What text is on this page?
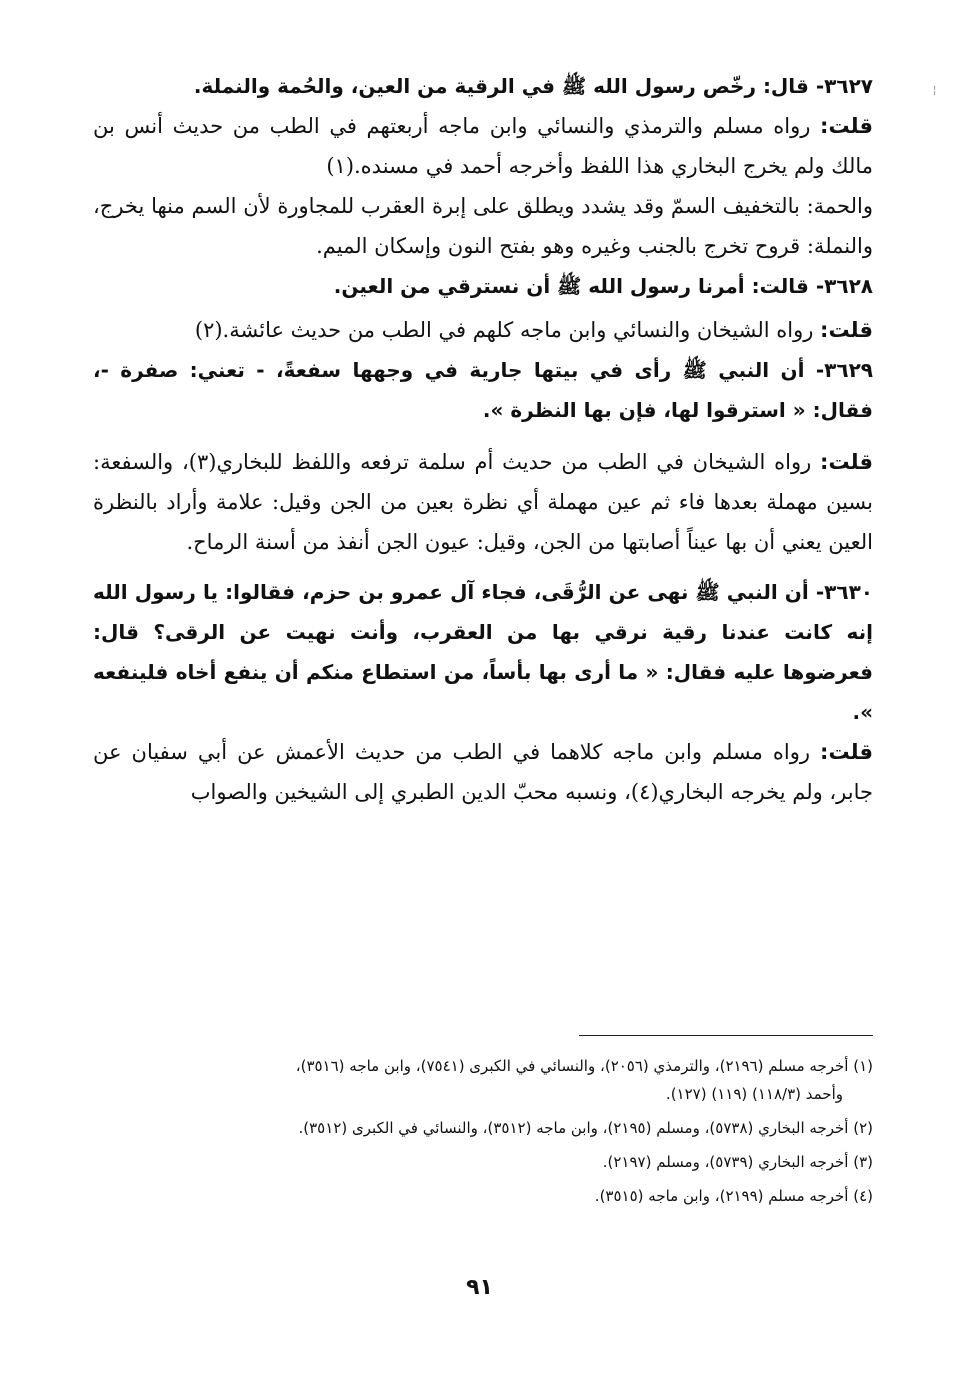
¦

٣٦٢٧- قال: رخّص رسول الله ﷺ في الرقية من العين، والحُمة والنملة.

قلت: رواه مسلم والترمذي والنسائي وابن ماجه أربعتهم في الطب من حديث أنس بن مالك ولم يخرج البخاري هذا اللفظ وأخرجه أحمد في مسنده.(١)

والحمة: بالتخفيف السمّ وقد يشدد ويطلق على إبرة العقرب للمجاورة لأن السم منها يخرج، والنملة: قروح تخرج بالجنب وغيره وهو بفتح النون وإسكان الميم.

٣٦٢٨- قالت: أمرنا رسول الله ﷺ أن نسترقي من العين.

قلت: رواه الشيخان والنسائي وابن ماجه كلهم في الطب من حديث عائشة.(٢)

٣٦٢٩- أن النبي ﷺ رأى في بيتها جارية في وجهها سفعةً، - تعني: صفرة -، فقال: « استرقوا لها، فإن بها النظرة ».

قلت: رواه الشيخان في الطب من حديث أم سلمة ترفعه واللفظ للبخاري(٣)، والسفعة: بسين مهملة بعدها فاء ثم عين مهملة أي نظرة بعين من الجن وقيل: علامة وأراد بالنظرة العين يعني أن بها عيناً أصابتها من الجن، وقيل: عيون الجن أنفذ من أسنة الرماح.

٣٦٣٠- أن النبي ﷺ نهى عن الرُّقَى، فجاء آل عمرو بن حزم، فقالوا: يا رسول الله إنه كانت عندنا رقية نرقي بها من العقرب، وأنت نهيت عن الرقى؟ قال: فعرضوها عليه فقال: « ما أرى بها بأساً، من استطاع منكم أن ينفع أخاه فلينفعه ».

قلت: رواه مسلم وابن ماجه كلاهما في الطب من حديث الأعمش عن أبي سفيان عن جابر، ولم يخرجه البخاري(٤)، ونسبه محبّ الدين الطبري إلى الشيخين والصواب

(١) أخرجه مسلم (٢١٩٦)، والترمذي (٢٠٥٦)، والنسائي في الكبرى (٧٥٤١)، وابن ماجه (٣٥١٦)،
وأحمد (١١٨/٣) (١١٩) (١٢٧).

(٢) أخرجه البخاري (٥٧٣٨)، ومسلم (٢١٩٥)، وابن ماجه (٣٥١٢)، والنسائي في الكبرى (٣٥١٢).

(٣) أخرجه البخاري (٥٧٣٩)، ومسلم (٢١٩٧).

(٤) أخرجه مسلم (٢١٩٩)، وابن ماجه (٣٥١٥).

٩١
